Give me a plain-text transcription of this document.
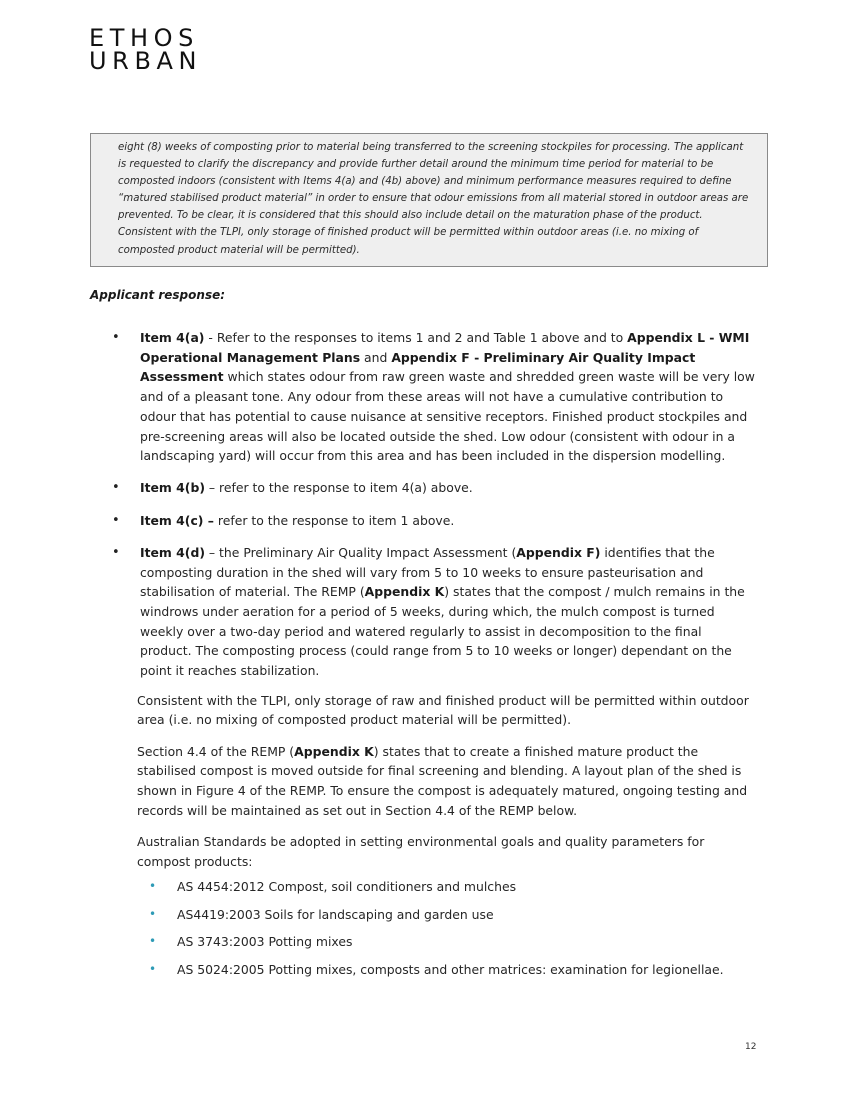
ETHOS
URBAN
eight (8) weeks of composting prior to material being transferred to the screening stockpiles for processing. The applicant is requested to clarify the discrepancy and provide further detail around the minimum time period for material to be composted indoors (consistent with Items 4(a) and (4b) above) and minimum performance measures required to define “matured stabilised product material” in order to ensure that odour emissions from all material stored in outdoor areas are prevented. To be clear, it is considered that this should also include detail on the maturation phase of the product. Consistent with the TLPI, only storage of finished product will be permitted within outdoor areas (i.e. no mixing of composted product material will be permitted).
Applicant response:
• Item 4(a) - Refer to the responses to items 1 and 2 and Table 1 above and to Appendix L - WMI Operational Management Plans and Appendix F - Preliminary Air Quality Impact Assessment which states odour from raw green waste and shredded green waste will be very low and of a pleasant tone. Any odour from these areas will not have a cumulative contribution to odour that has potential to cause nuisance at sensitive receptors. Finished product stockpiles and pre-screening areas will also be located outside the shed. Low odour (consistent with odour in a landscaping yard) will occur from this area and has been included in the dispersion modelling.
• Item 4(b) – refer to the response to item 4(a) above.
• Item 4(c) – refer to the response to item 1 above.
• Item 4(d) – the Preliminary Air Quality Impact Assessment (Appendix F) identifies that the composting duration in the shed will vary from 5 to 10 weeks to ensure pasteurisation and stabilisation of material. The REMP (Appendix K) states that the compost / mulch remains in the windrows under aeration for a period of 5 weeks, during which, the mulch compost is turned weekly over a two-day period and watered regularly to assist in decomposition to the final product. The composting process (could range from 5 to 10 weeks or longer) dependant on the point it reaches stabilization.
Consistent with the TLPI, only storage of raw and finished product will be permitted within outdoor area (i.e. no mixing of composted product material will be permitted).
Section 4.4 of the REMP (Appendix K) states that to create a finished mature product the stabilised compost is moved outside for final screening and blending. A layout plan of the shed is shown in Figure 4 of the REMP. To ensure the compost is adequately matured, ongoing testing and records will be maintained as set out in Section 4.4 of the REMP below.
Australian Standards be adopted in setting environmental goals and quality parameters for compost products:
• AS 4454:2012 Compost, soil conditioners and mulches
• AS4419:2003 Soils for landscaping and garden use
• AS 3743:2003 Potting mixes
• AS 5024:2005 Potting mixes, composts and other matrices: examination for legionellae.
12
